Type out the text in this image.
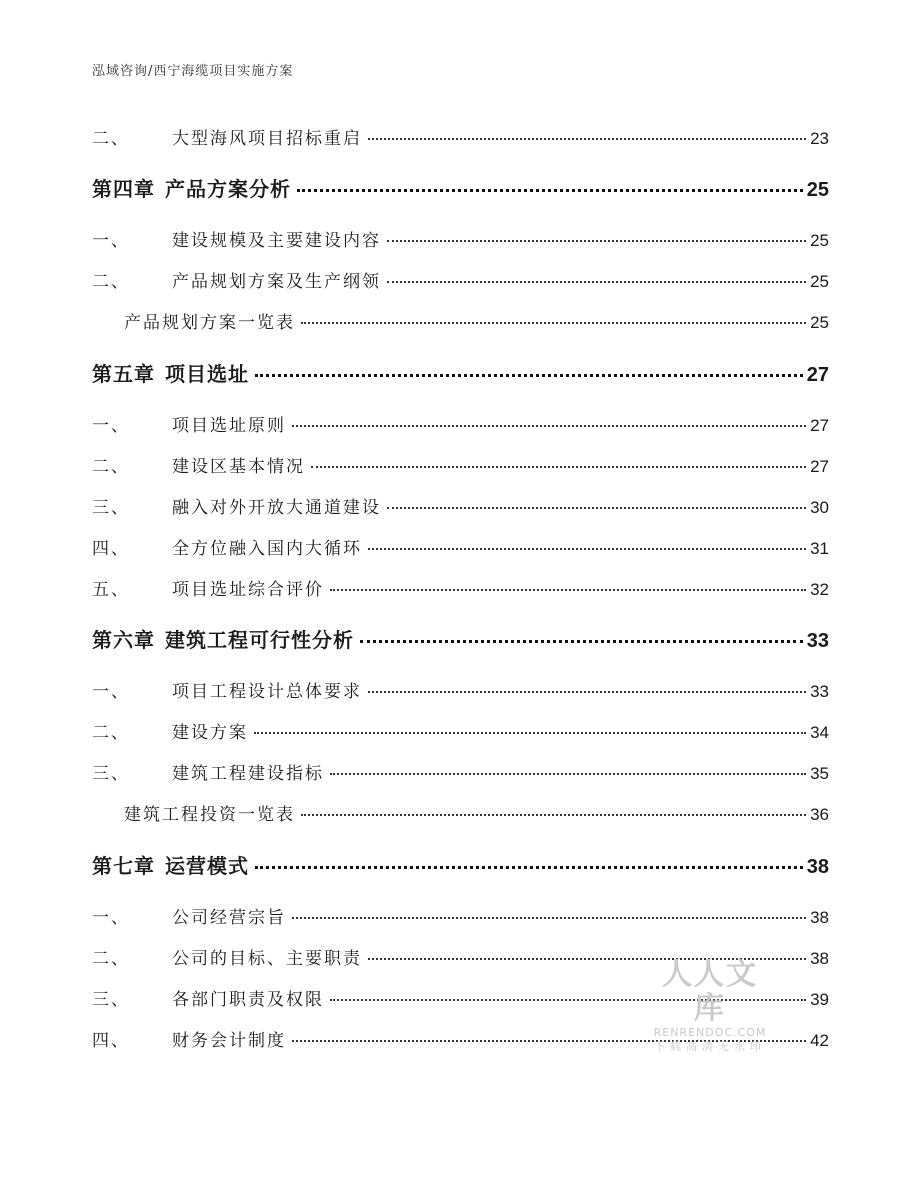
泓域咨询/西宁海缆项目实施方案
二、	大型海风项目招标重启	23
第四章 产品方案分析	25
一、	建设规模及主要建设内容	25
二、	产品规划方案及生产纲领	25
产品规划方案一览表	25
第五章 项目选址	27
一、	项目选址原则	27
二、	建设区基本情况	27
三、	融入对外开放大通道建设	30
四、	全方位融入国内大循环	31
五、	项目选址综合评价	32
第六章 建筑工程可行性分析	33
一、	项目工程设计总体要求	33
二、	建设方案	34
三、	建筑工程建设指标	35
建筑工程投资一览表	36
第七章 运营模式	38
一、	公司经营宗旨	38
二、	公司的目标、主要职责	38
三、	各部门职责及权限	39
四、	财务会计制度	42
人人文库
RENRENDOC.COM
下载高清无水印
